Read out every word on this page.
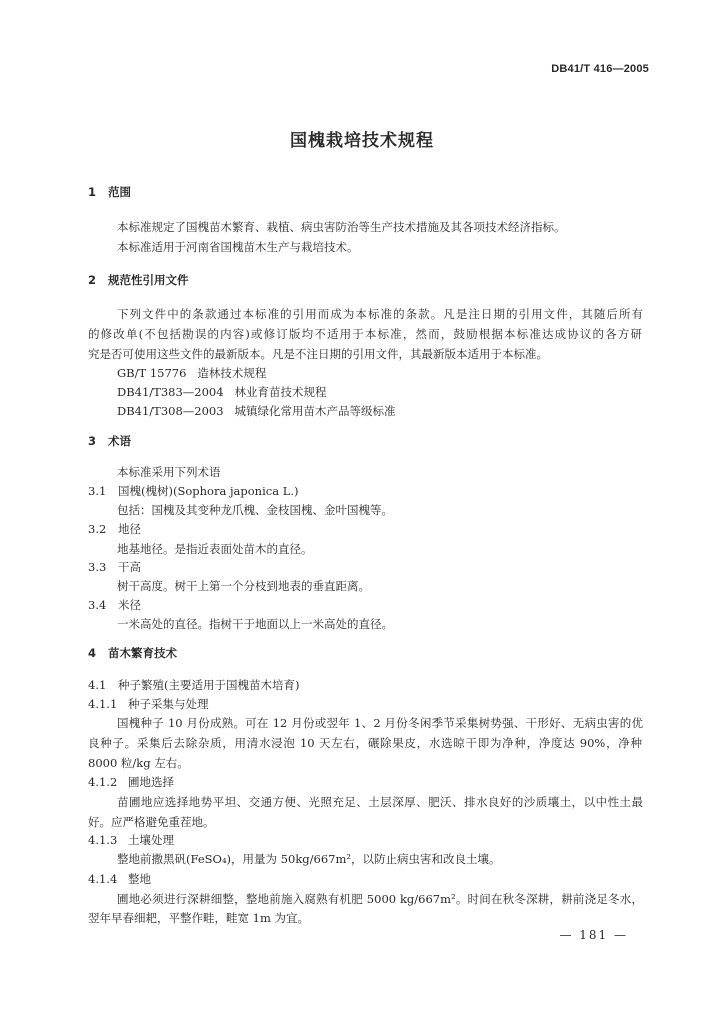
DB41/T 416—2005
国槐栽培技术规程
1 范围
本标准规定了国槐苗木繁育、栽植、病虫害防治等生产技术措施及其各项技术经济指标。
本标准适用于河南省国槐苗木生产与栽培技术。
2 规范性引用文件
下列文件中的条款通过本标准的引用而成为本标准的条款。凡是注日期的引用文件，其随后所有
的修改单(不包括勘误的内容)或修订版均不适用于本标准，然而，鼓励根据本标准达成协议的各方研
究是否可使用这些文件的最新版本。凡是不注日期的引用文件，其最新版本适用于本标准。
GB/T 15776 造林技术规程
DB41/T383—2004 林业育苗技术规程
DB41/T308—2003 城镇绿化常用苗木产品等级标准
3 术语
本标准采用下列术语
3.1 国槐(槐树)(Sophora japonica L.)
包括：国槐及其变种龙爪槐、金枝国槐、金叶国槐等。
3.2 地径
地基地径。是指近表面处苗木的直径。
3.3 干高
树干高度。树干上第一个分枝到地表的垂直距离。
3.4 米径
一米高处的直径。指树干于地面以上一米高处的直径。
4 苗木繁育技术
4.1 种子繁殖(主要适用于国槐苗木培育)
4.1.1 种子采集与处理
国槐种子 10 月份成熟。可在 12 月份或翌年 1、2 月份冬闲季节采集树势强、干形好、无病虫害的优
良种子。采集后去除杂质，用清水浸泡 10 天左右，碾除果皮，水选晾干即为净种，净度达 90%，净种
8000 粒/kg 左右。
4.1.2 圃地选择
苗圃地应选择地势平坦、交通方便、光照充足、土层深厚、肥沃、排水良好的沙质壤土，以中性土最
好。应严格避免重茬地。
4.1.3 土壤处理
整地前撒黑矾(FeSO₄)，用量为 50kg/667m²，以防止病虫害和改良土壤。
4.1.4 整地
圃地必须进行深耕细整，整地前施入腐熟有机肥 5000 kg/667m²。时间在秋冬深耕，耕前浇足冬水，
翌年早春细耙，平整作畦，畦宽 1m 为宜。
— 181 —
